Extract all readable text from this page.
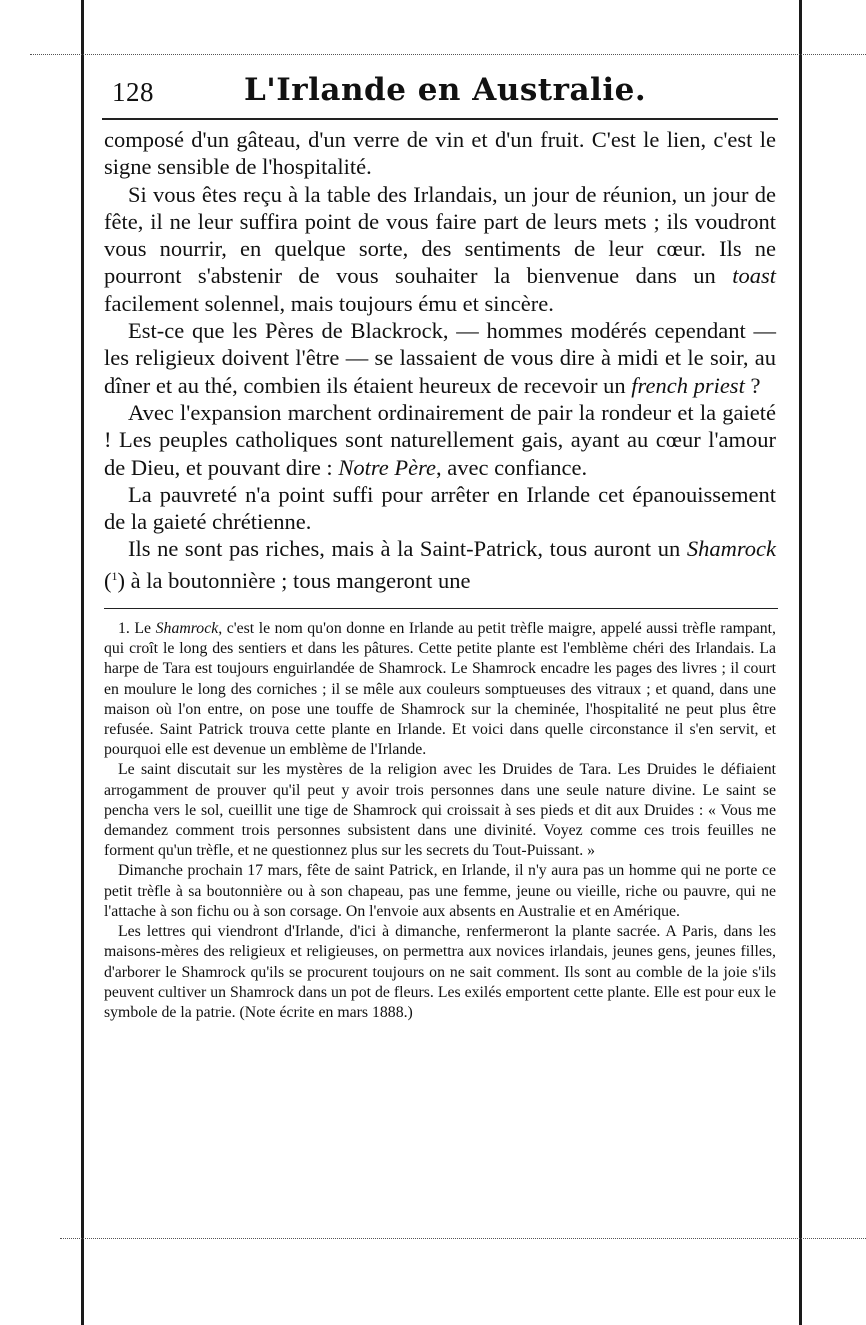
128	L'Irlande en Australie.

composé d'un gâteau, d'un verre de vin et d'un fruit. C'est le lien, c'est le signe sensible de l'hospitalité.

Si vous êtes reçu à la table des Irlandais, un jour de réunion, un jour de fête, il ne leur suffira point de vous faire part de leurs mets ; ils voudront vous nourrir, en quelque sorte, des sentiments de leur cœur. Ils ne pourront s'abstenir de vous souhaiter la bienvenue dans un toast facilement solennel, mais toujours ému et sincère.

Est-ce que les Pères de Blackrock, — hommes modérés cependant — les religieux doivent l'être — se lassaient de vous dire à midi et le soir, au dîner et au thé, combien ils étaient heureux de recevoir un french priest ?

Avec l'expansion marchent ordinairement de pair la rondeur et la gaieté ! Les peuples catholiques sont naturellement gais, ayant au cœur l'amour de Dieu, et pouvant dire : Notre Père, avec confiance.

La pauvreté n'a point suffi pour arrêter en Irlande cet épanouissement de la gaieté chrétienne.

Ils ne sont pas riches, mais à la Saint-Patrick, tous auront un Shamrock ($^1$) à la boutonnière ; tous mangeront une

1. Le Shamrock, c'est le nom qu'on donne en Irlande au petit trèfle maigre, appelé aussi trèfle rampant, qui croît le long des sentiers et dans les pâtures. Cette petite plante est l'emblème chéri des Irlandais. La harpe de Tara est toujours enguirlandée de Shamrock. Le Shamrock encadre les pages des livres ; il court en moulure le long des corniches ; il se mêle aux couleurs somptueuses des vitraux ; et quand, dans une maison où l'on entre, on pose une touffe de Shamrock sur la cheminée, l'hospitalité ne peut plus être refusée. Saint Patrick trouva cette plante en Irlande. Et voici dans quelle circonstance il s'en servit, et pourquoi elle est devenue un emblème de l'Irlande.

Le saint discutait sur les mystères de la religion avec les Druides de Tara. Les Druides le défiaient arrogamment de prouver qu'il peut y avoir trois personnes dans une seule nature divine. Le saint se pencha vers le sol, cueillit une tige de Shamrock qui croissait à ses pieds et dit aux Druides : « Vous me demandez comment trois personnes subsistent dans une divinité. Voyez comme ces trois feuilles ne forment qu'un trèfle, et ne questionnez plus sur les secrets du Tout-Puissant. »

Dimanche prochain 17 mars, fête de saint Patrick, en Irlande, il n'y aura pas un homme qui ne porte ce petit trèfle à sa boutonnière ou à son chapeau, pas une femme, jeune ou vieille, riche ou pauvre, qui ne l'attache à son fichu ou à son corsage. On l'envoie aux absents en Australie et en Amérique.

Les lettres qui viendront d'Irlande, d'ici à dimanche, renfermeront la plante sacrée. A Paris, dans les maisons-mères des religieux et religieuses, on permettra aux novices irlandais, jeunes gens, jeunes filles, d'arborer le Shamrock qu'ils se procurent toujours on ne sait comment. Ils sont au comble de la joie s'ils peuvent cultiver un Shamrock dans un pot de fleurs. Les exilés emportent cette plante. Elle est pour eux le symbole de la patrie. (Note écrite en mars 1888.)
